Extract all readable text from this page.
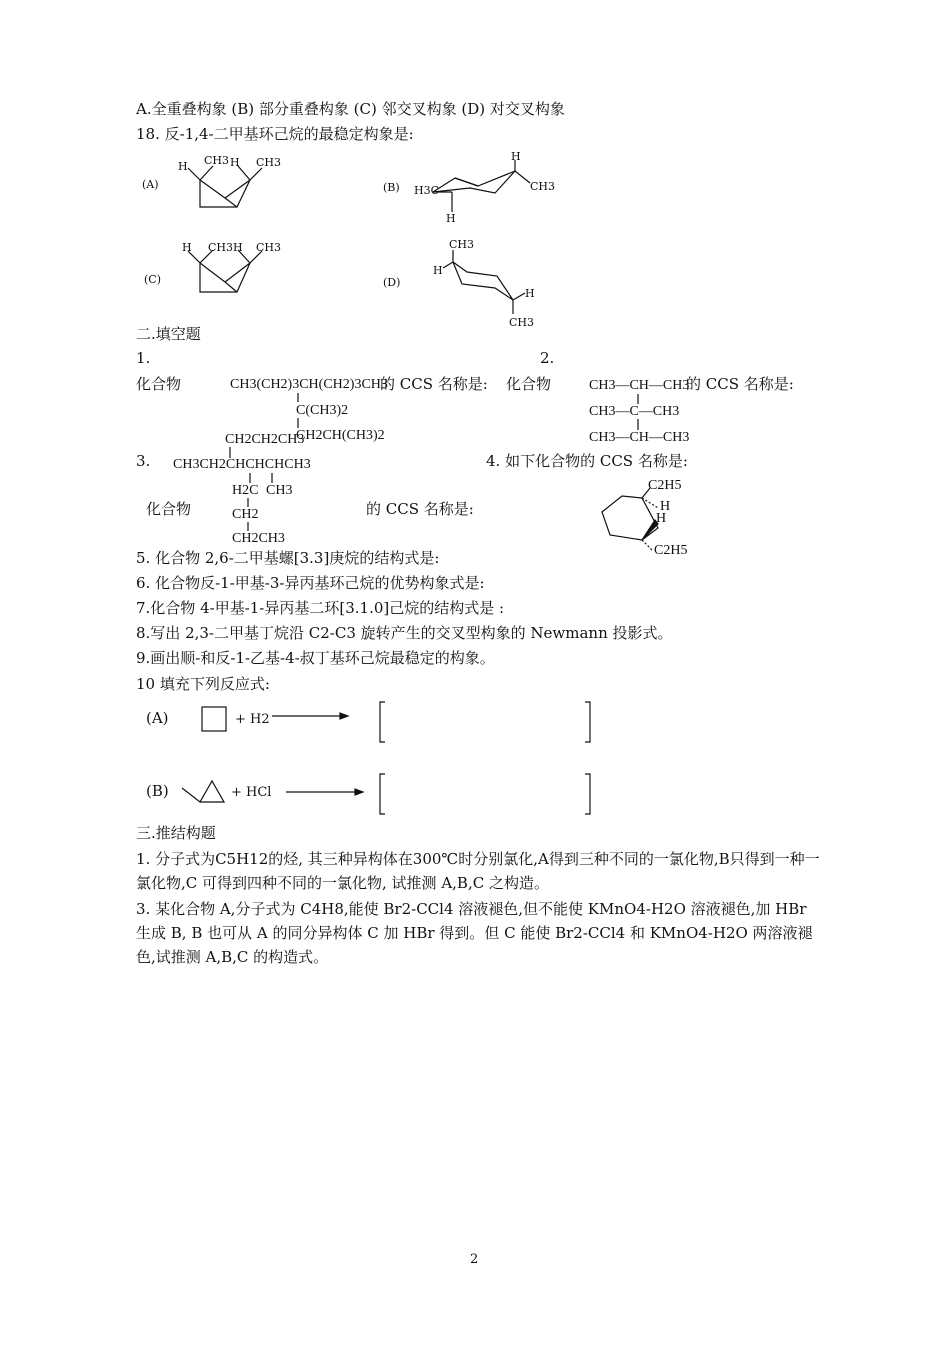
A.全重叠构象 (B) 部分重叠构象 (C) 邻交叉构象 (D) 对交叉构象
18. 反-1,4-二甲基环己烷的最稳定构象是:
(A)
H CH3 H CH3
(B)
H
CH3
H3C
H
(C)
H CH3H CH3
(D)
CH3
H
H
CH3
二.填空题
1.	2.
化合物	CH3(CH2)3CH(CH2)3CH3
的 CCS 名称是:
C(CH3)2
CH2CH(CH3)2
化合物	CH3—CH—CH3
的 CCS 名称是:
CH3—C—CH3
CH3—CH—CH3
3.
CH2CH2CH3
CH3CH2CHCHCHCH3
H2C CH3
化合物	CH2	的 CCS 名称是:
CH2CH3
4. 如下化合物的 CCS 名称是:
C2H5
H
H
C2H5
5. 化合物 2,6-二甲基螺[3.3]庚烷的结构式是:
6. 化合物反-1-甲基-3-异丙基环己烷的优势构象式是:
7.化合物 4-甲基-1-异丙基二环[3.1.0]己烷的结构式是 :
8.写出 2,3-二甲基丁烷沿 C2-C3 旋转产生的交叉型构象的 Newmann 投影式。
9.画出顺-和反-1-乙基-4-叔丁基环己烷最稳定的构象。
10 填充下列反应式:
(A)	+ H2
(B)	+ HCl
三.推结构题
1. 分子式为C5H12的烃, 其三种异构体在300℃时分别氯化,A得到三种不同的一氯化物,B只得到一种一氯化物,C 可得到四种不同的一氯化物, 试推测 A,B,C 之构造。
3. 某化合物 A,分子式为 C4H8,能使 Br2-CCl4 溶液褪色,但不能使 KMnO4-H2O 溶液褪色,加 HBr 生成 B, B 也可从 A 的同分异构体 C 加 HBr 得到。但 C 能使 Br2-CCl4 和 KMnO4-H2O 两溶液褪色,试推测 A,B,C 的构造式。
2
